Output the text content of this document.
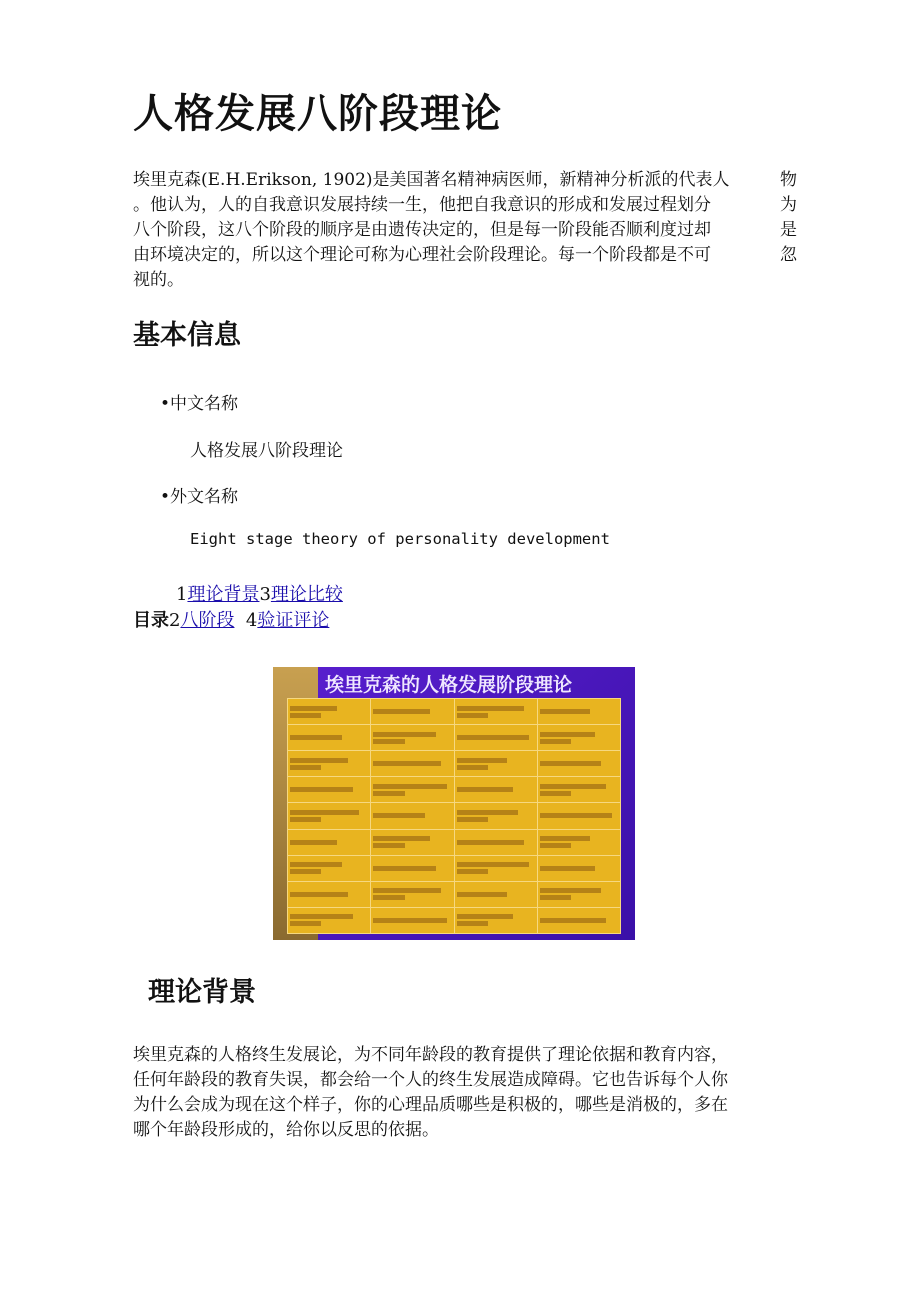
人格发展八阶段理论
埃里克森(E.H.Erikson, 1902)是美国著名精神病医师，新精神分析派的代表人	物
。他认为，人的自我意识发展持续一生，他把自我意识的形成和发展过程划分	为
八个阶段，这八个阶段的顺序是由遗传决定的，但是每一阶段能否顺利度过却	是
由环境决定的，所以这个理论可称为心理社会阶段理论。每一个阶段都是不可	忽
视的。
基本信息
•中文名称
人格发展八阶段理论
•外文名称
Eight stage theory of personality development
1理论背景3理论比较
目录2八阶段 4验证评论
埃里克森的人格发展阶段理论

理论背景
埃里克森的人格终生发展论，为不同年龄段的教育提供了理论依据和教育内容，
任何年龄段的教育失误，都会给一个人的终生发展造成障碍。它也告诉每个人你
为什么会成为现在这个样子，你的心理品质哪些是积极的，哪些是消极的，多在
哪个年龄段形成的，给你以反思的依据。
